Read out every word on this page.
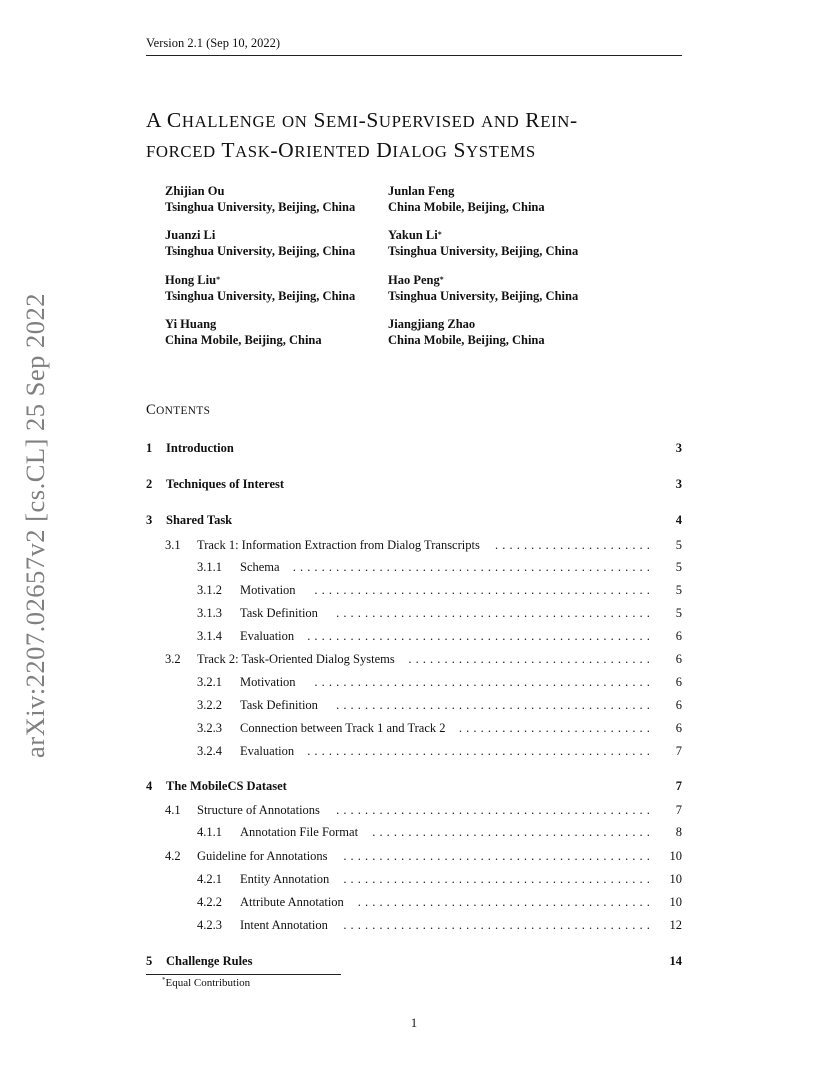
Version 2.1 (Sep 10, 2022)
arXiv:2207.02657v2 [cs.CL] 25 Sep 2022
A CHALLENGE ON SEMI-SUPERVISED AND REIN-
FORCED TASK-ORIENTED DIALOG SYSTEMS
Zhijian Ou
Tsinghua University, Beijing, China
Junlan Feng
China Mobile, Beijing, China
Juanzi Li
Tsinghua University, Beijing, China
Yakun Li*
Tsinghua University, Beijing, China
Hong Liu*
Tsinghua University, Beijing, China
Hao Peng*
Tsinghua University, Beijing, China
Yi Huang
China Mobile, Beijing, China
Jiangjiang Zhao
China Mobile, Beijing, China
CONTENTS
1 Introduction	3
2 Techniques of Interest	3
3 Shared Task	4
3.1 Track 1: Information Extraction from Dialog Transcripts	......................	5
3.1.1 Schema	..................................................	5
3.1.2 Motivation	...............................................	5
3.1.3 Task Definition	............................................	5
3.1.4 Evaluation	................................................	6
3.2 Track 2: Task-Oriented Dialog Systems	..................................	6
3.2.1 Motivation	...............................................	6
3.2.2 Task Definition	............................................	6
3.2.3 Connection between Track 1 and Track 2	...........................	6
3.2.4 Evaluation	................................................	7
4 The MobileCS Dataset	7
4.1 Structure of Annotations	............................................	7
4.1.1 Annotation File Format	.......................................	8
4.2 Guideline for Annotations	...........................................	10
4.2.1 Entity Annotation	...........................................	10
4.2.2 Attribute Annotation	.........................................	10
4.2.3 Intent Annotation	...........................................	12
5 Challenge Rules	14
*Equal Contribution
1
